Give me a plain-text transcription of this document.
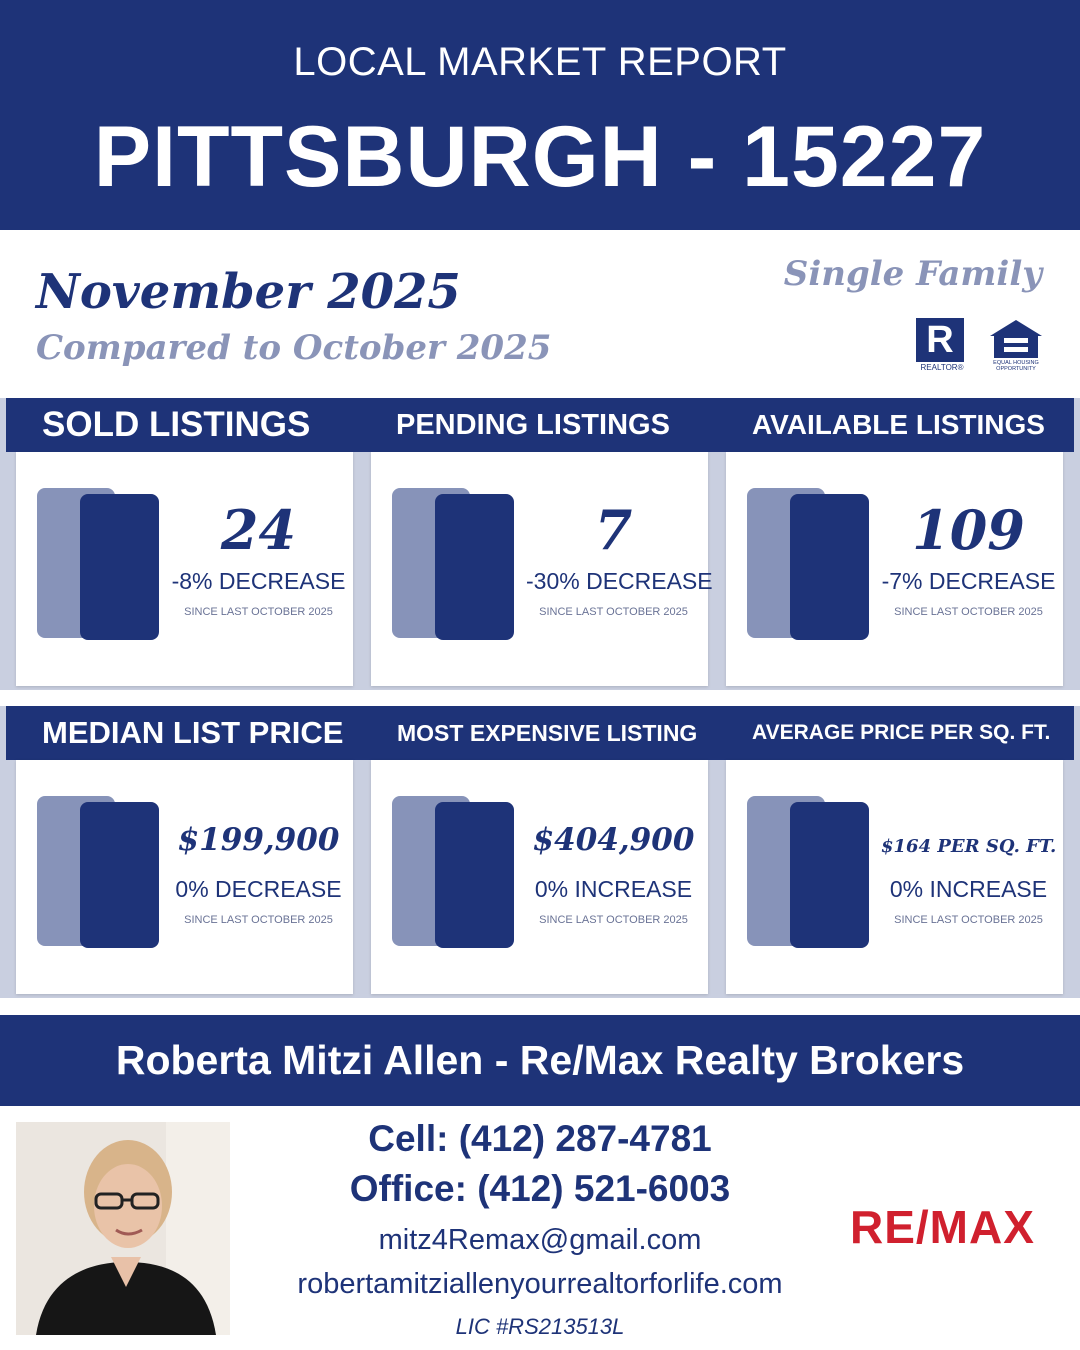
LOCAL MARKET REPORT
PITTSBURGH - 15227
November 2025
Compared to October 2025
Single Family
R
REALTOR®	EQUAL HOUSING OPPORTUNITY
SOLD LISTINGS	PENDING LISTINGS	AVAILABLE LISTINGS
MEDIAN LIST PRICE MOST EXPENSIVE LISTING	AVERAGE PRICE PER SQ. FT.
24
-8% DECREASE
SINCE LAST OCTOBER 2025
7
-30% DECREASE
SINCE LAST OCTOBER 2025
109
-7% DECREASE
SINCE LAST OCTOBER 2025
$199,900
0% DECREASE
SINCE LAST OCTOBER 2025
$404,900
0% INCREASE
SINCE LAST OCTOBER 2025
$164 PER SQ. FT.
0% INCREASE
SINCE LAST OCTOBER 2025
Roberta Mitzi Allen - Re/Max Realty Brokers
Cell: (412) 287-4781
Office: (412) 521-6003
mitz4Remax@gmail.com
robertamitziallenyourrealtorforlife.com
LIC #RS213513L
RE/MAX
